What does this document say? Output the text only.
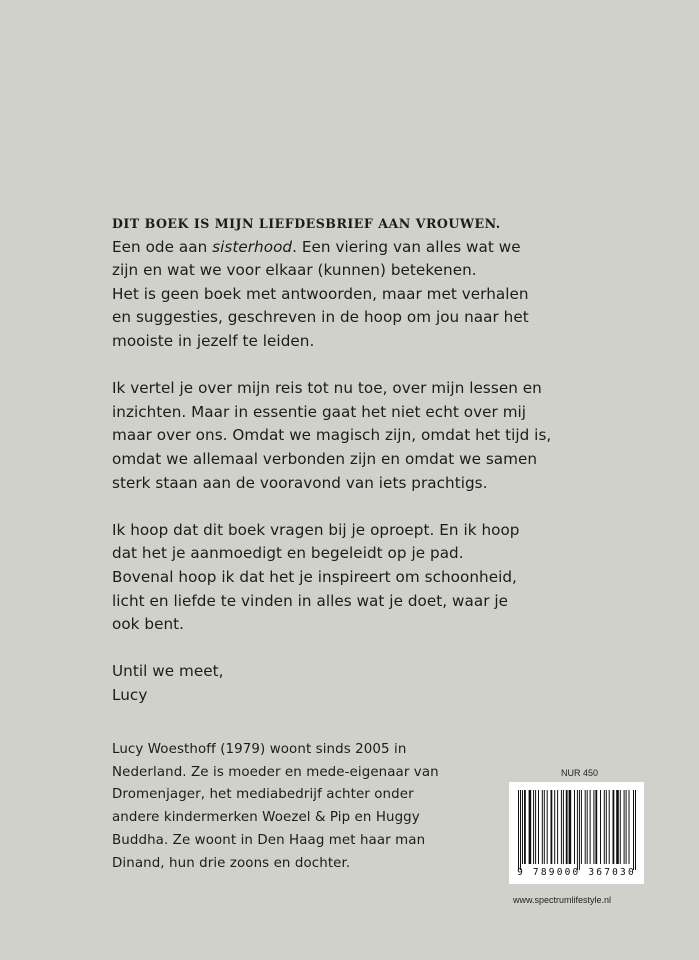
DIT BOEK IS MIJN LIEFDESBRIEF AAN VROUWEN.
Een ode aan sisterhood. Een viering van alles wat we
zijn en wat we voor elkaar (kunnen) betekenen.
Het is geen boek met antwoorden, maar met verhalen
en suggesties, geschreven in de hoop om jou naar het
mooiste in jezelf te leiden.

Ik vertel je over mijn reis tot nu toe, over mijn lessen en
inzichten. Maar in essentie gaat het niet echt over mij
maar over ons. Omdat we magisch zijn, omdat het tijd is,
omdat we allemaal verbonden zijn en omdat we samen
sterk staan aan de vooravond van iets prachtigs.

Ik hoop dat dit boek vragen bij je oproept. En ik hoop
dat het je aanmoedigt en begeleidt op je pad.
Bovenal hoop ik dat het je inspireert om schoonheid,
licht en liefde te vinden in alles wat je doet, waar je
ook bent.

Until we meet,
Lucy

Lucy Woesthoff (1979) woont sinds 2005 in
Nederland. Ze is moeder en mede-eigenaar van
Dromenjager, het mediabedrijf achter onder
andere kindermerken Woezel & Pip en Huggy
Buddha. Ze woont in Den Haag met haar man
Dinand, hun drie zoons en dochter.
NUR 450
9 789000 367030
www.spectrumlifestyle.nl
